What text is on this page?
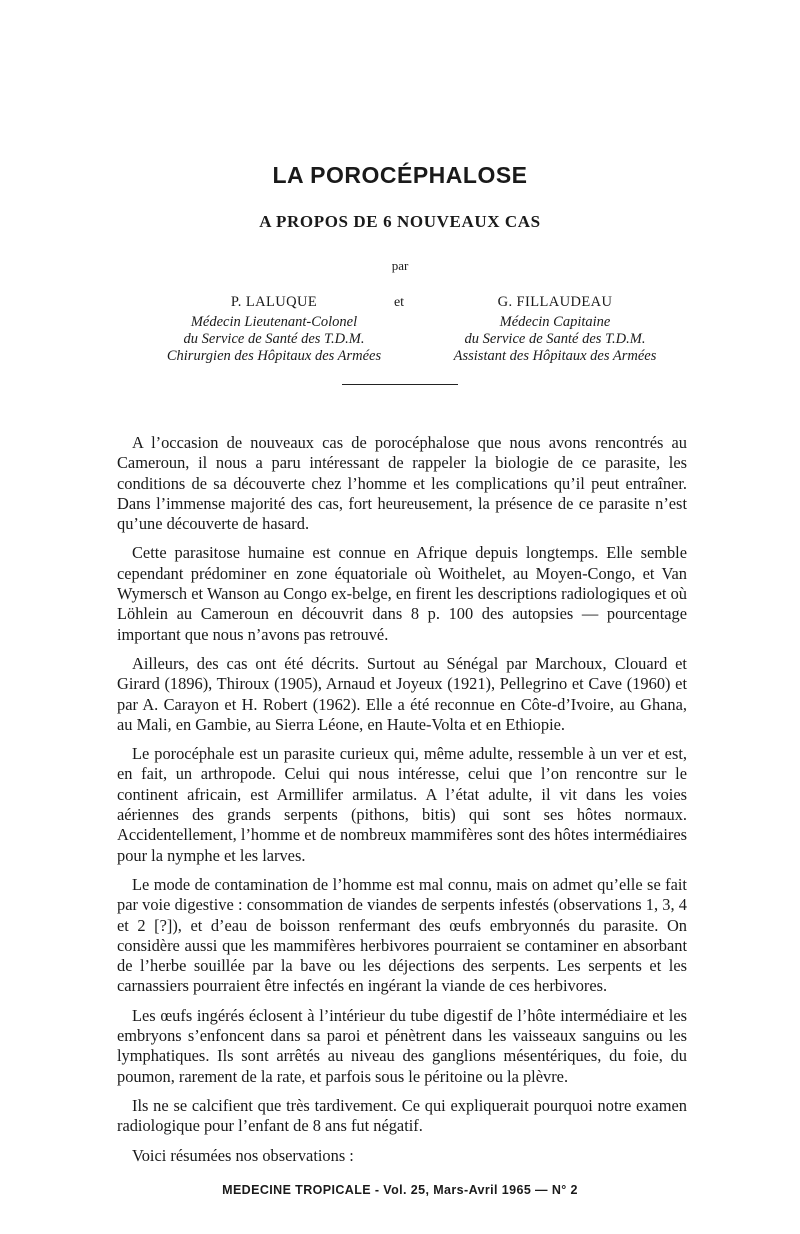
LA POROCÉPHALOSE
A PROPOS DE 6 NOUVEAUX CAS
par
P. LALUQUE
Médecin Lieutenant-Colonel
du Service de Santé des T.D.M.
Chirurgien des Hôpitaux des Armées
et	G. FILLAUDEAU
Médecin Capitaine
du Service de Santé des T.D.M.
Assistant des Hôpitaux des Armées

A l’occasion de nouveaux cas de porocéphalose que nous avons rencontrés au Cameroun, il nous a paru intéressant de rappeler la biologie de ce parasite, les conditions de sa découverte chez l’homme et les complications qu’il peut entraîner. Dans l’immense majorité des cas, fort heureusement, la présence de ce parasite n’est qu’une découverte de hasard.

Cette parasitose humaine est connue en Afrique depuis longtemps. Elle semble cependant prédominer en zone équatoriale où Woithelet, au Moyen-Congo, et Van Wymersch et Wanson au Congo ex-belge, en firent les descriptions radiologiques et où Löhlein au Cameroun en découvrit dans 8 p. 100 des autopsies — pourcentage important que nous n’avons pas retrouvé.

Ailleurs, des cas ont été décrits. Surtout au Sénégal par Marchoux, Clouard et Girard (1896), Thiroux (1905), Arnaud et Joyeux (1921), Pellegrino et Cave (1960) et par A. Carayon et H. Robert (1962). Elle a été reconnue en Côte-d’Ivoire, au Ghana, au Mali, en Gambie, au Sierra Léone, en Haute-Volta et en Ethiopie.

Le porocéphale est un parasite curieux qui, même adulte, ressemble à un ver et est, en fait, un arthropode. Celui qui nous intéresse, celui que l’on rencontre sur le continent africain, est Armillifer armilatus. A l’état adulte, il vit dans les voies aériennes des grands serpents (pithons, bitis) qui sont ses hôtes normaux. Accidentellement, l’homme et de nombreux mammifères sont des hôtes intermédiaires pour la nymphe et les larves.

Le mode de contamination de l’homme est mal connu, mais on admet qu’elle se fait par voie digestive : consommation de viandes de serpents infestés (observations 1, 3, 4 et 2 [?]), et d’eau de boisson renfermant des œufs embryonnés du parasite. On considère aussi que les mammifères herbivores pourraient se contaminer en absorbant de l’herbe souillée par la bave ou les déjections des serpents. Les serpents et les carnassiers pourraient être infectés en ingérant la viande de ces herbivores.

Les œufs ingérés éclosent à l’intérieur du tube digestif de l’hôte intermédiaire et les embryons s’enfoncent dans sa paroi et pénètrent dans les vaisseaux sanguins ou les lymphatiques. Ils sont arrêtés au niveau des ganglions mésentériques, du foie, du poumon, rarement de la rate, et parfois sous le péritoine ou la plèvre.

Ils ne se calcifient que très tardivement. Ce qui expliquerait pourquoi notre examen radiologique pour l’enfant de 8 ans fut négatif.

Voici résumées nos observations :

MEDECINE TROPICALE - Vol. 25, Mars-Avril 1965 — N° 2
